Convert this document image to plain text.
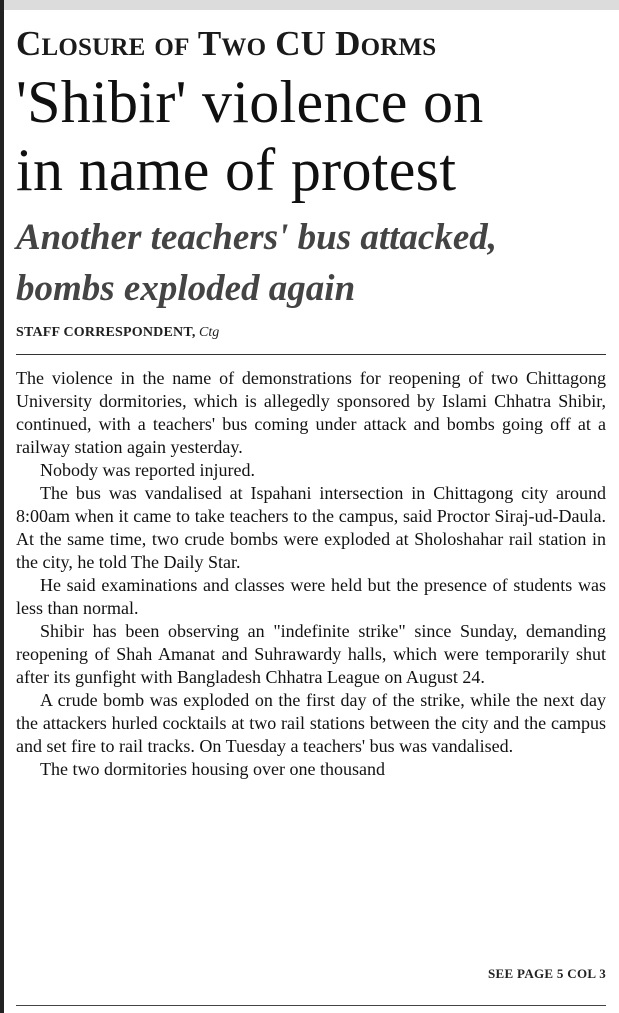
Closure of Two CU Dorms
'Shibir' violence on
in name of protest
Another teachers' bus attacked,
bombs exploded again
STAFF CORRESPONDENT, Ctg

The violence in the name of demonstrations for reopening of two Chittagong University dormitories, which is allegedly sponsored by Islami Chhatra Shibir, continued, with a teachers' bus coming under attack and bombs going off at a railway station again yesterday.

Nobody was reported injured.

The bus was vandalised at Ispahani intersection in Chittagong city around 8:00am when it came to take teachers to the campus, said Proctor Siraj-ud-Daula. At the same time, two crude bombs were exploded at Sholoshahar rail station in the city, he told The Daily Star.

He said examinations and classes were held but the presence of students was less than normal.

Shibir has been observing an "indefinite strike" since Sunday, demanding reopening of Shah Amanat and Suhrawardy halls, which were temporarily shut after its gunfight with Bangladesh Chhatra League on August 24.

A crude bomb was exploded on the first day of the strike, while the next day the attackers hurled cocktails at two rail stations between the city and the campus and set fire to rail tracks. On Tuesday a teachers' bus was vandalised.

The two dormitories housing over one thousand

SEE PAGE 5 COL 3
